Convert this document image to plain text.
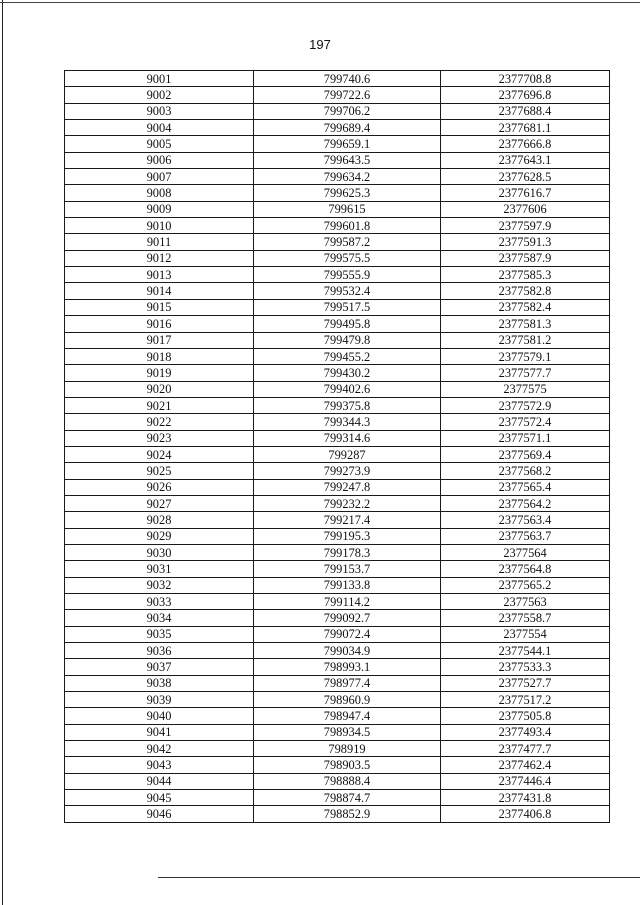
197
9001	799740.6	2377708.8
9002	799722.6	2377696.8
9003	799706.2	2377688.4
9004	799689.4	2377681.1
9005	799659.1	2377666.8
9006	799643.5	2377643.1
9007	799634.2	2377628.5
9008	799625.3	2377616.7
9009	799615	2377606
9010	799601.8	2377597.9
9011	799587.2	2377591.3
9012	799575.5	2377587.9
9013	799555.9	2377585.3
9014	799532.4	2377582.8
9015	799517.5	2377582.4
9016	799495.8	2377581.3
9017	799479.8	2377581.2
9018	799455.2	2377579.1
9019	799430.2	2377577.7
9020	799402.6	2377575
9021	799375.8	2377572.9
9022	799344.3	2377572.4
9023	799314.6	2377571.1
9024	799287	2377569.4
9025	799273.9	2377568.2
9026	799247.8	2377565.4
9027	799232.2	2377564.2
9028	799217.4	2377563.4
9029	799195.3	2377563.7
9030	799178.3	2377564
9031	799153.7	2377564.8
9032	799133.8	2377565.2
9033	799114.2	2377563
9034	799092.7	2377558.7
9035	799072.4	2377554
9036	799034.9	2377544.1
9037	798993.1	2377533.3
9038	798977.4	2377527.7
9039	798960.9	2377517.2
9040	798947.4	2377505.8
9041	798934.5	2377493.4
9042	798919	2377477.7
9043	798903.5	2377462.4
9044	798888.4	2377446.4
9045	798874.7	2377431.8
9046	798852.9	2377406.8
